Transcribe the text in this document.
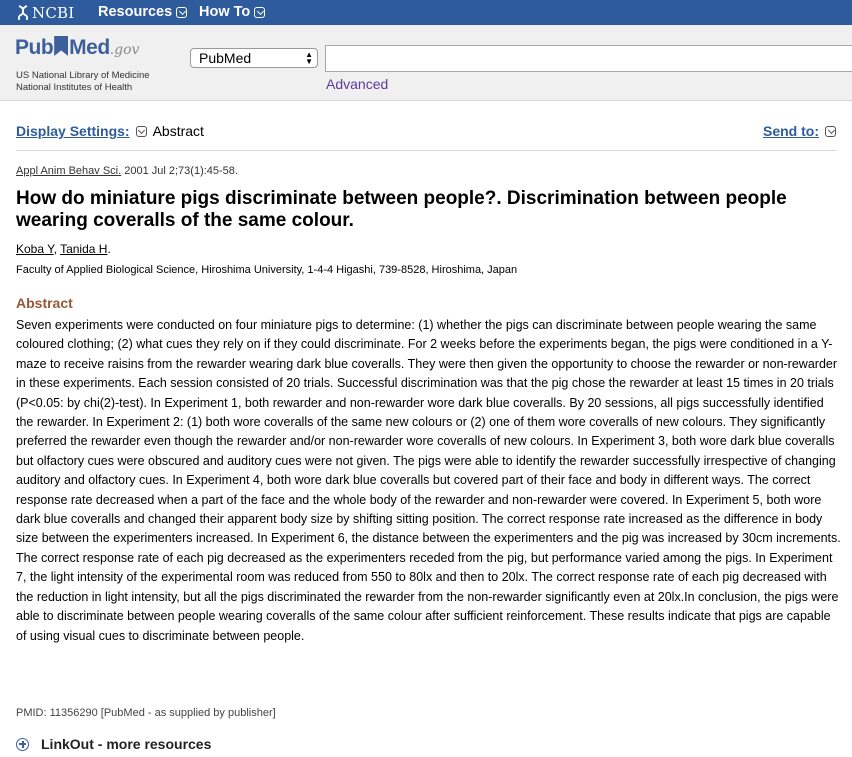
NCBI Resources How To
Pub Med.gov
US National Library of Medicine
National Institutes of Health
PubMed	▲
▼
Advanced
Display Settings: Abstract	Send to:
Appl Anim Behav Sci. 2001 Jul 2;73(1):45-58.
How do miniature pigs discriminate between people?. Discrimination between people wearing coveralls of the same colour.
Koba Y, Tanida H.
Faculty of Applied Biological Science, Hiroshima University, 1-4-4 Higashi, 739-8528, Hiroshima, Japan
Abstract

Seven experiments were conducted on four miniature pigs to determine: (1) whether the pigs can discriminate between people wearing the same coloured clothing; (2) what cues they rely on if they could discriminate. For 2 weeks before the experiments began, the pigs were conditioned in a Y-maze to receive raisins from the rewarder wearing dark blue coveralls. They were then given the opportunity to choose the rewarder or non-rewarder in these experiments. Each session consisted of 20 trials. Successful discrimination was that the pig chose the rewarder at least 15 times in 20 trials (P<0.05: by chi(2)-test). In Experiment 1, both rewarder and non-rewarder wore dark blue coveralls. By 20 sessions, all pigs successfully identified the rewarder. In Experiment 2: (1) both wore coveralls of the same new colours or (2) one of them wore coveralls of new colours. They significantly preferred the rewarder even though the rewarder and/or non-rewarder wore coveralls of new colours. In Experiment 3, both wore dark blue coveralls but olfactory cues were obscured and auditory cues were not given. The pigs were able to identify the rewarder successfully irrespective of changing auditory and olfactory cues. In Experiment 4, both wore dark blue coveralls but covered part of their face and body in different ways. The correct response rate decreased when a part of the face and the whole body of the rewarder and non-rewarder were covered. In Experiment 5, both wore dark blue coveralls and changed their apparent body size by shifting sitting position. The correct response rate increased as the difference in body size between the experimenters increased. In Experiment 6, the distance between the experimenters and the pig was increased by 30cm increments. The correct response rate of each pig decreased as the experimenters receded from the pig, but performance varied among the pigs. In Experiment 7, the light intensity of the experimental room was reduced from 550 to 80lx and then to 20lx. The correct response rate of each pig decreased with the reduction in light intensity, but all the pigs discriminated the rewarder from the non-rewarder significantly even at 20lx.In conclusion, the pigs were able to discriminate between people wearing coveralls of the same colour after sufficient reinforcement. These results indicate that pigs are capable of using visual cues to discriminate between people.

PMID: 11356290 [PubMed - as supplied by publisher]
LinkOut - more resources
